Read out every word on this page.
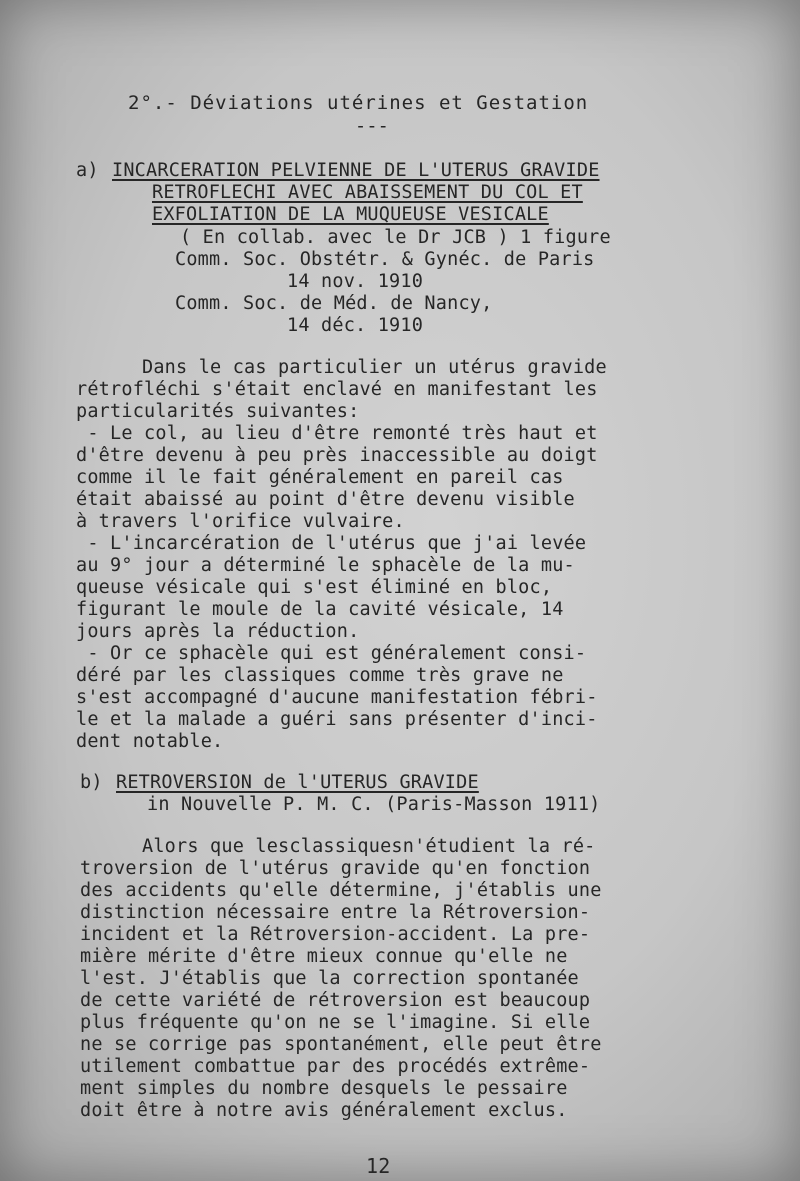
2°.- Déviations utérines et Gestation
---
a) INCARCERATION PELVIENNE DE L'UTERUS GRAVIDE
RETROFLECHI AVEC ABAISSEMENT DU COL ET
EXFOLIATION DE LA MUQUEUSE VESICALE
( En collab. avec le Dr JCB ) 1 figure
Comm. Soc. Obstétr. & Gynéc. de Paris
14 nov. 1910
Comm. Soc. de Méd. de Nancy,
14 déc. 1910
Dans le cas particulier un utérus gravide
rétrofléchi s'était enclavé en manifestant les
particularités suivantes:
- Le col, au lieu d'être remonté très haut et
d'être devenu à peu près inaccessible au doigt
comme il le fait généralement en pareil cas
était abaissé au point d'être devenu visible
à travers l'orifice vulvaire.
- L'incarcération de l'utérus que j'ai levée
au 9° jour a déterminé le sphacèle de la mu-
queuse vésicale qui s'est éliminé en bloc,
figurant le moule de la cavité vésicale, 14
jours après la réduction.
- Or ce sphacèle qui est généralement consi-
déré par les classiques comme très grave ne
s'est accompagné d'aucune manifestation fébri-
le et la malade a guéri sans présenter d'inci-
dent notable.
b) RETROVERSION de l'UTERUS GRAVIDE
in Nouvelle P. M. C. (Paris-Masson 1911)
Alors que lesclassiquesn'étudient la ré-
troversion de l'utérus gravide qu'en fonction
des accidents qu'elle détermine, j'établis une
distinction nécessaire entre la Rétroversion-
incident et la Rétroversion-accident. La pre-
mière mérite d'être mieux connue qu'elle ne
l'est. J'établis que la correction spontanée
de cette variété de rétroversion est beaucoup
plus fréquente qu'on ne se l'imagine. Si elle
ne se corrige pas spontanément, elle peut être
utilement combattue par des procédés extrême-
ment simples du nombre desquels le pessaire
doit être à notre avis généralement exclus.
12
